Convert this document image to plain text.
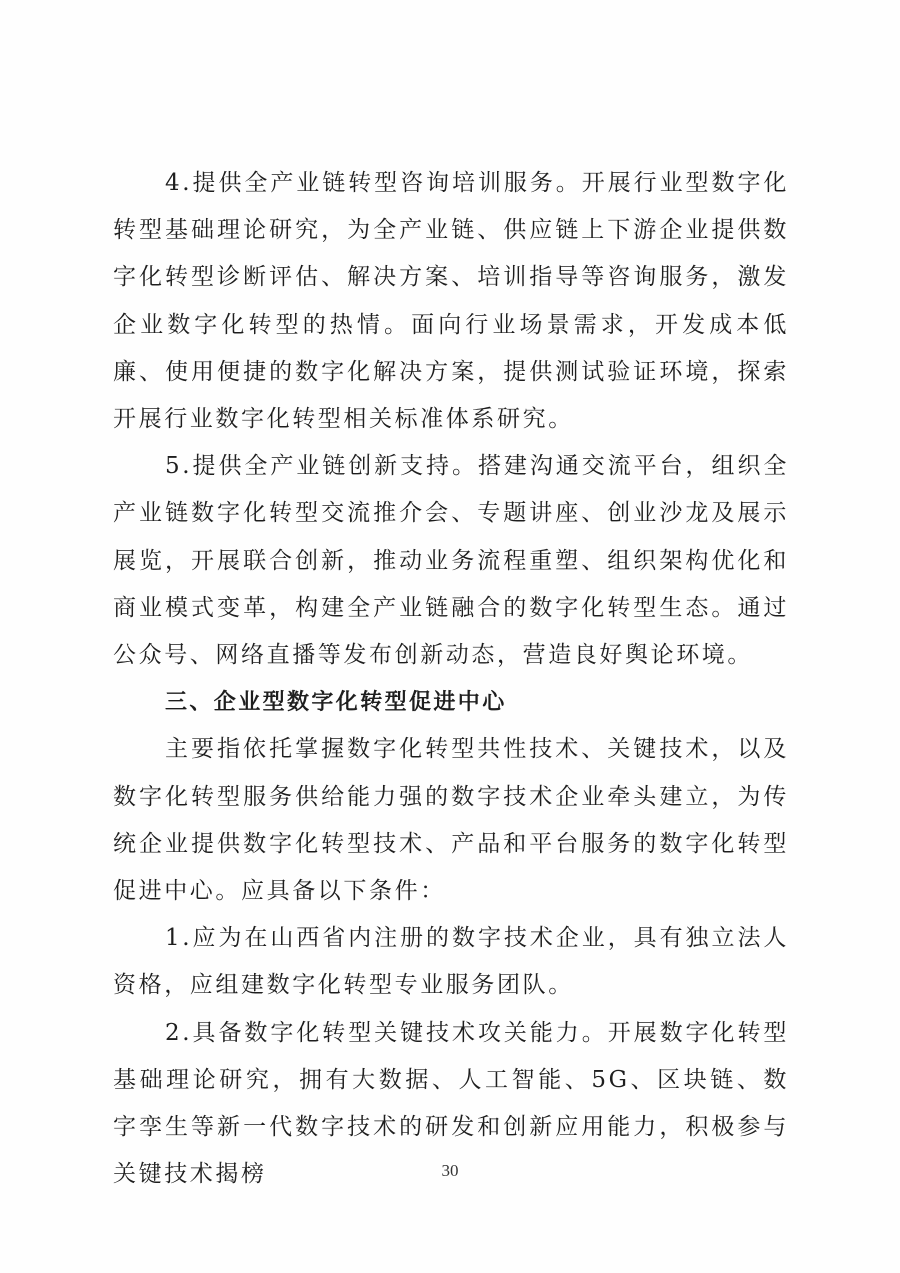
4.提供全产业链转型咨询培训服务。开展行业型数字化转型基础理论研究，为全产业链、供应链上下游企业提供数字化转型诊断评估、解决方案、培训指导等咨询服务，激发企业数字化转型的热情。面向行业场景需求，开发成本低廉、使用便捷的数字化解决方案，提供测试验证环境，探索开展行业数字化转型相关标准体系研究。

5.提供全产业链创新支持。搭建沟通交流平台，组织全产业链数字化转型交流推介会、专题讲座、创业沙龙及展示展览，开展联合创新，推动业务流程重塑、组织架构优化和商业模式变革，构建全产业链融合的数字化转型生态。通过公众号、网络直播等发布创新动态，营造良好舆论环境。

三、企业型数字化转型促进中心

主要指依托掌握数字化转型共性技术、关键技术，以及数字化转型服务供给能力强的数字技术企业牵头建立，为传统企业提供数字化转型技术、产品和平台服务的数字化转型促进中心。应具备以下条件：

1.应为在山西省内注册的数字技术企业，具有独立法人资格，应组建数字化转型专业服务团队。

2.具备数字化转型关键技术攻关能力。开展数字化转型基础理论研究，拥有大数据、人工智能、5G、区块链、数字孪生等新一代数字技术的研发和创新应用能力，积极参与关键技术揭榜	30
